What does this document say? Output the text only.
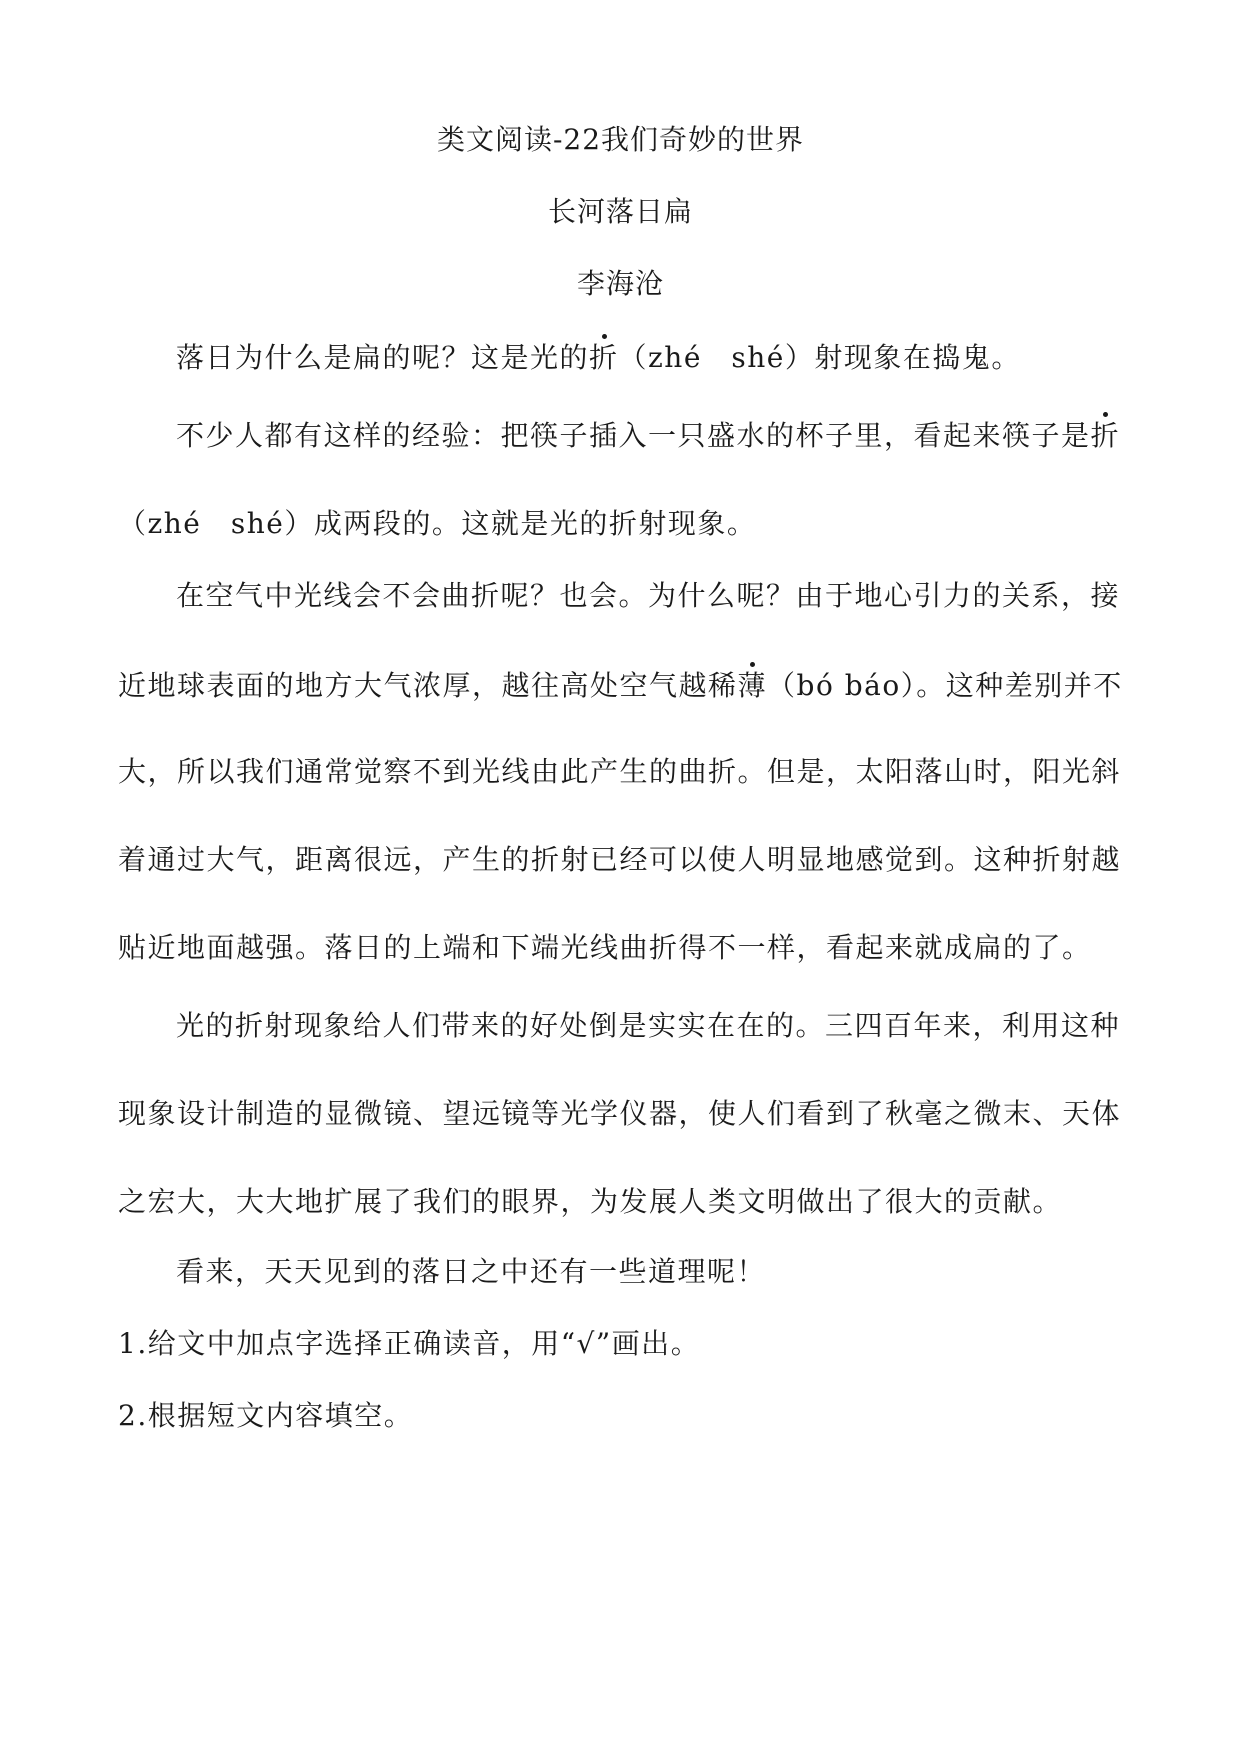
类文阅读-22我们奇妙的世界
长河落日扁
李海沧
落日为什么是扁的呢？这是光的折（zhé　shé）射现象在捣鬼。
不少人都有这样的经验：把筷子插入一只盛水的杯子里，看起来筷子是折
（zhé　shé）成两段的。这就是光的折射现象。
在空气中光线会不会曲折呢？也会。为什么呢？由于地心引力的关系，接
近地球表面的地方大气浓厚，越往高处空气越稀薄（bó báo）。这种差别并不
大，所以我们通常觉察不到光线由此产生的曲折。但是，太阳落山时，阳光斜
着通过大气，距离很远，产生的折射已经可以使人明显地感觉到。这种折射越
贴近地面越强。落日的上端和下端光线曲折得不一样，看起来就成扁的了。
光的折射现象给人们带来的好处倒是实实在在的。三四百年来，利用这种
现象设计制造的显微镜、望远镜等光学仪器，使人们看到了秋毫之微末、天体
之宏大，大大地扩展了我们的眼界，为发展人类文明做出了很大的贡献。
看来，天天见到的落日之中还有一些道理呢！
1.给文中加点字选择正确读音，用“√”画出。
2.根据短文内容填空。
